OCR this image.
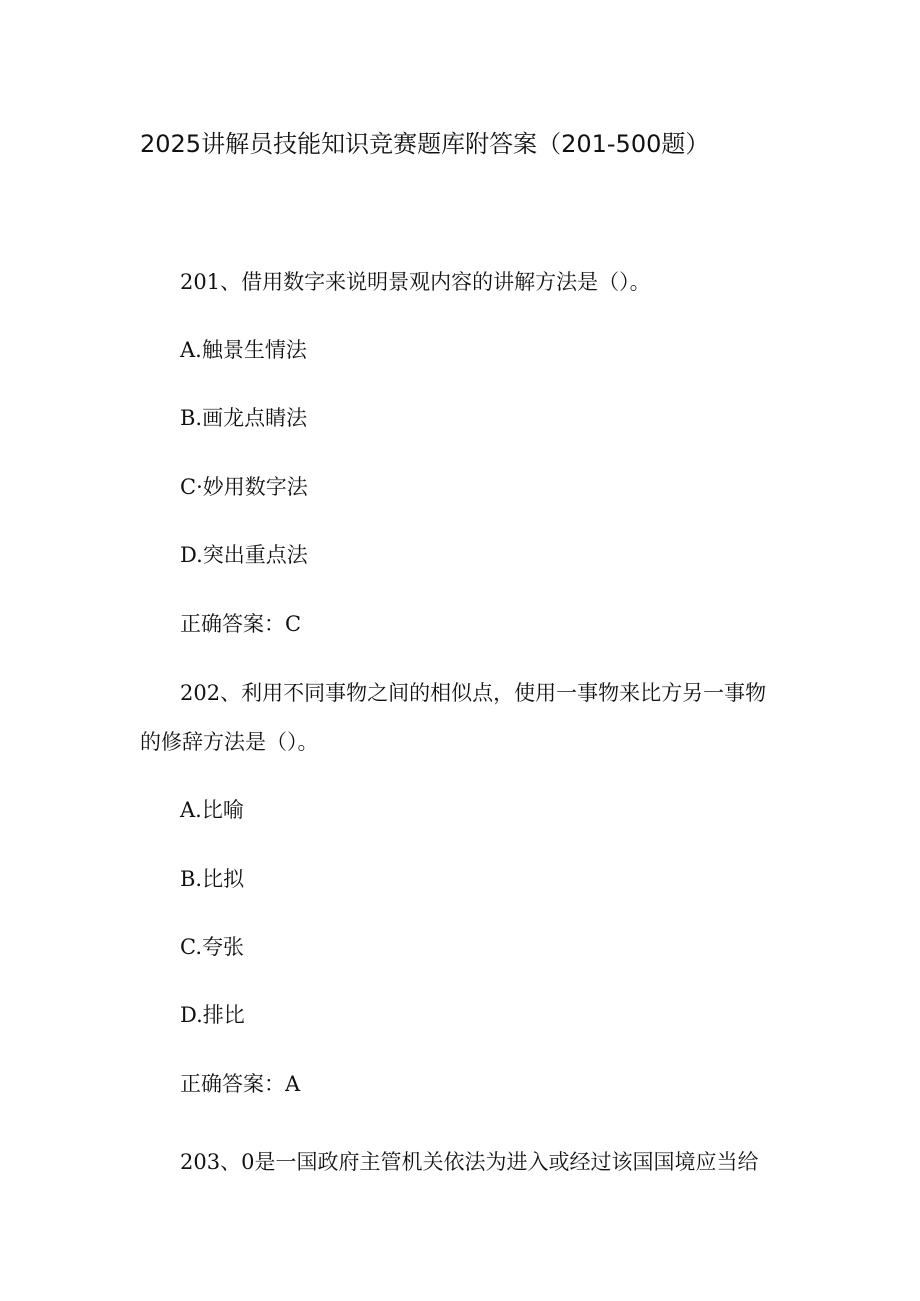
2025讲解员技能知识竞赛题库附答案（201-500题）
201、借用数字来说明景观内容的讲解方法是（）。
A.触景生情法
B.画龙点睛法
C·妙用数字法
D.突出重点法
正确答案：C
202、利用不同事物之间的相似点，使用一事物来比方另一事物
的修辞方法是（）。
A.比喻
B.比拟
C.夸张
D.排比
正确答案：A
203、0是一国政府主管机关依法为进入或经过该国国境应当给
